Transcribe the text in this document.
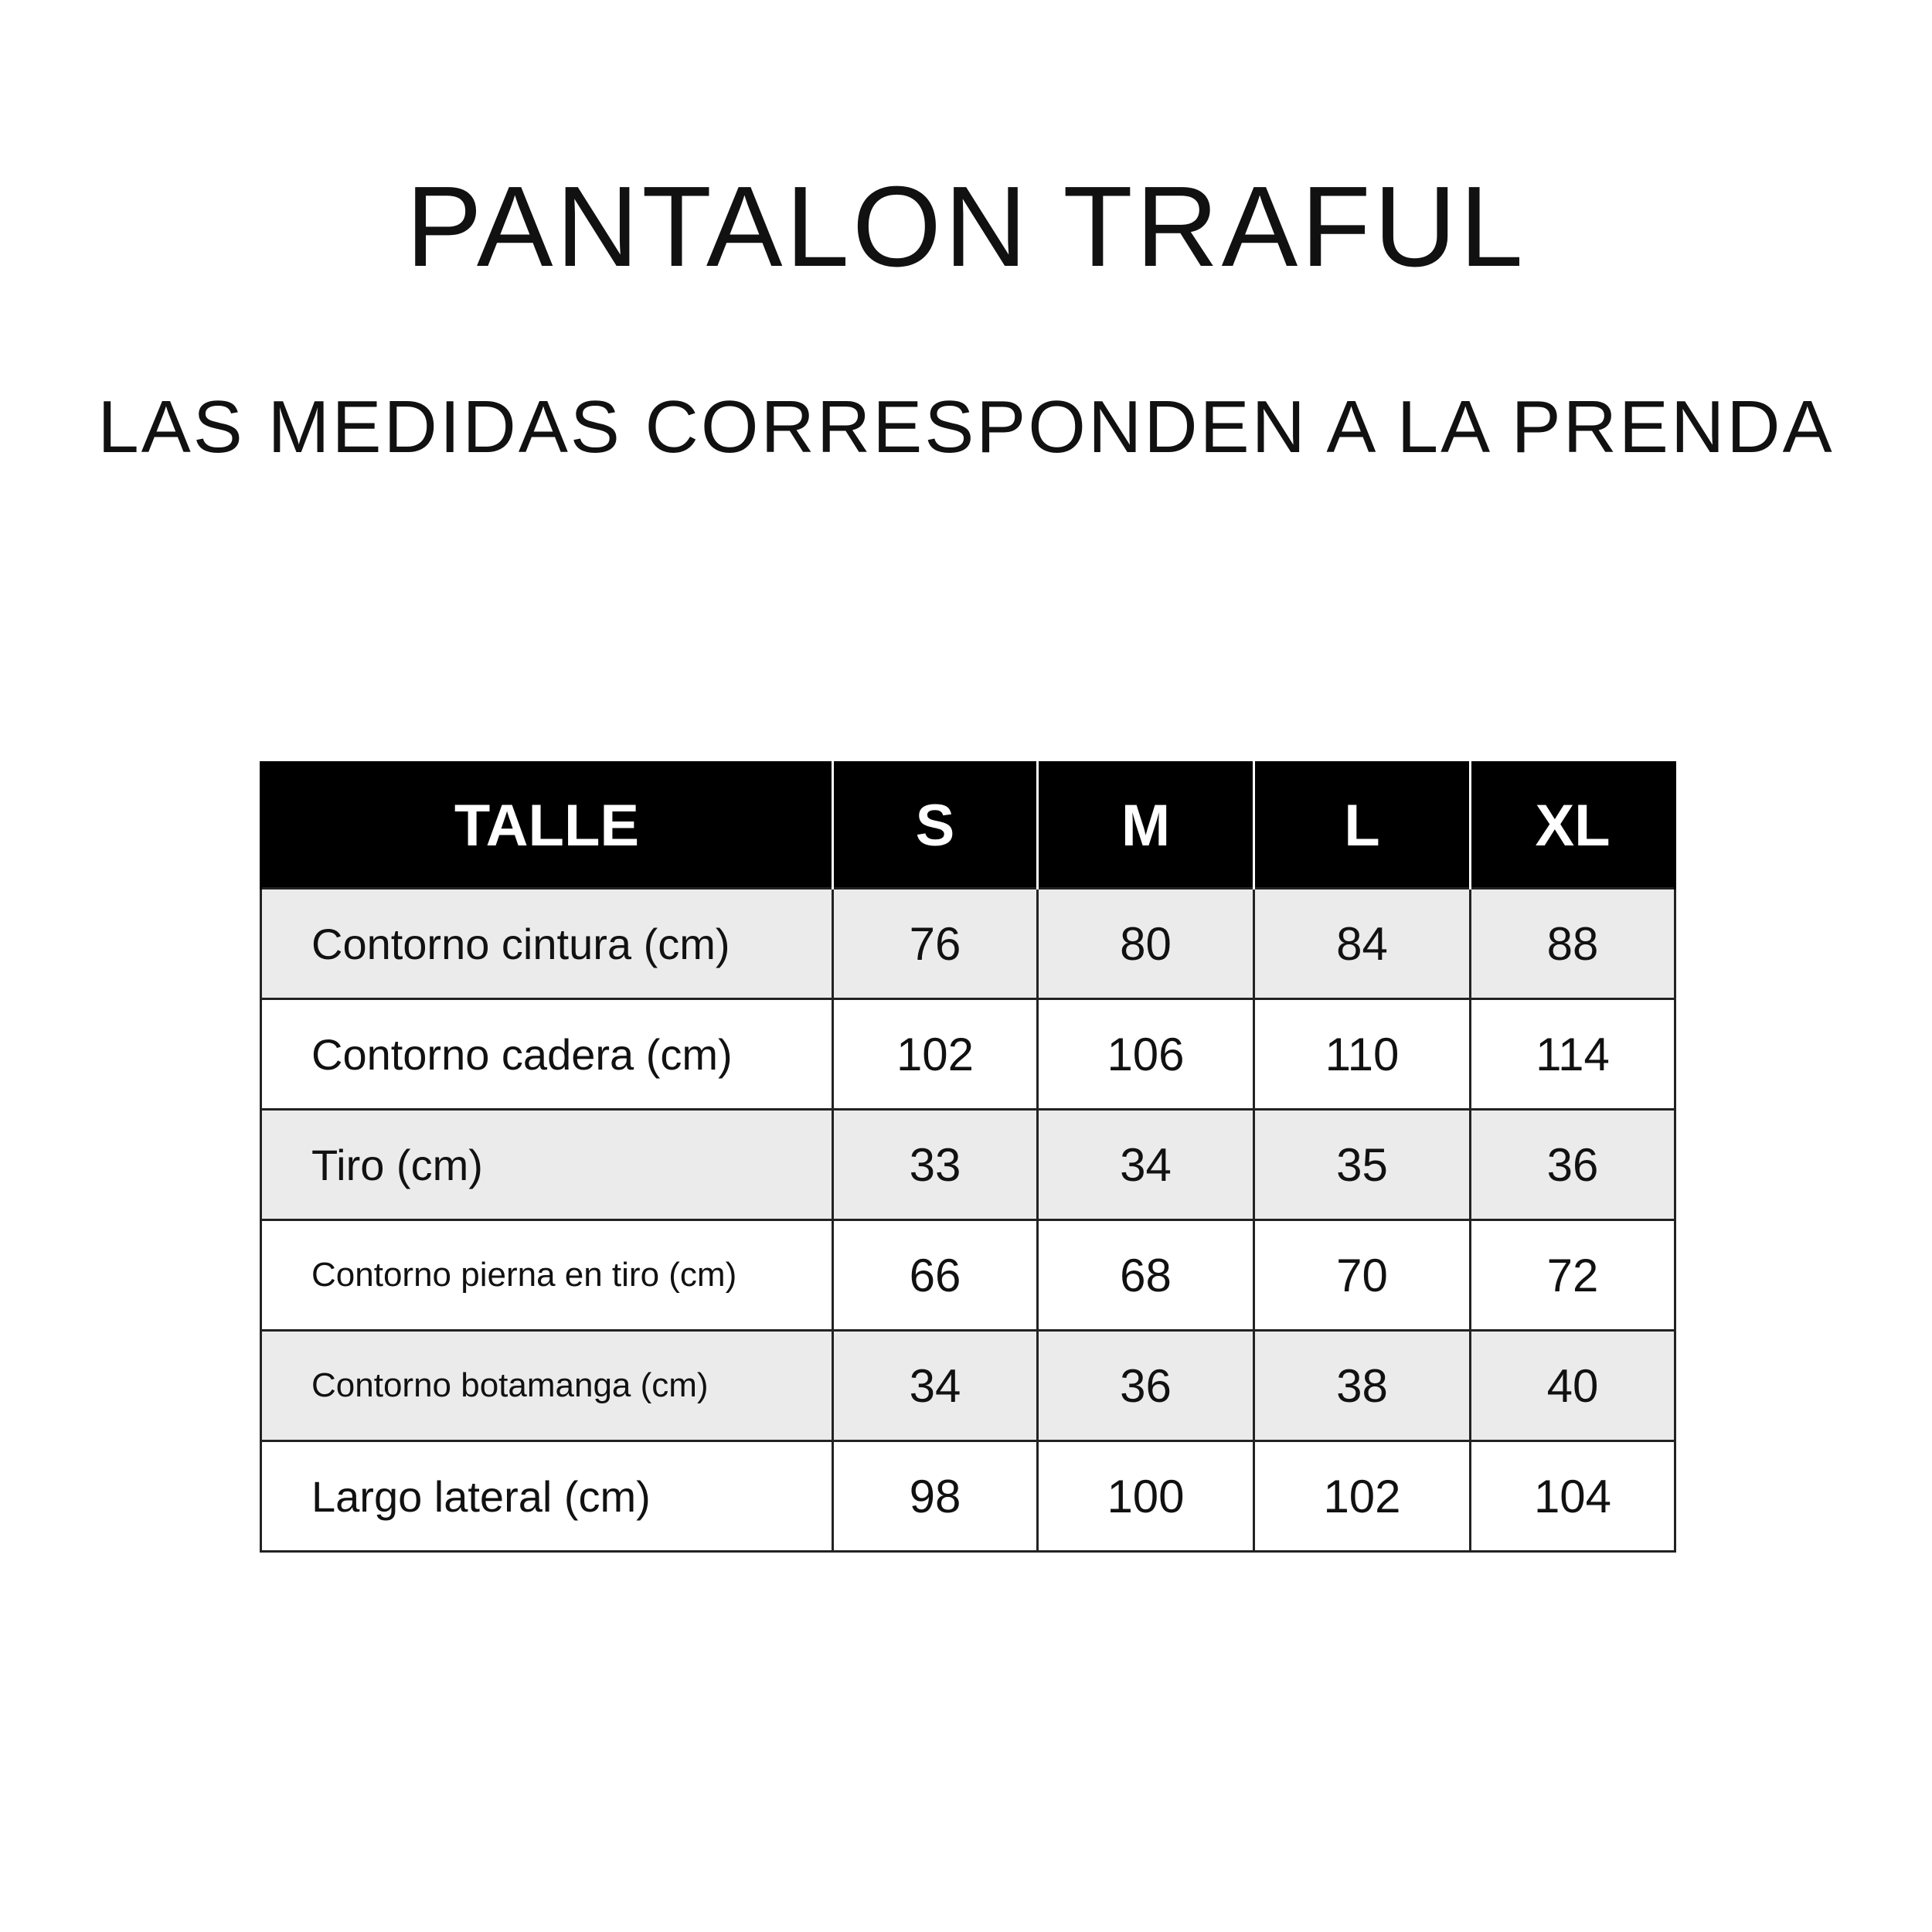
PANTALON TRAFUL
LAS MEDIDAS CORRESPONDEN A LA PRENDA
TALLE	S	M	L	XL
Contorno cintura (cm)	76	80	84	88
Contorno cadera (cm)	102	106	110	114
Tiro (cm)	33	34	35	36
Contorno pierna en tiro (cm)	66	68	70	72
Contorno botamanga (cm)	34	36	38	40
Largo lateral (cm)	98	100	102	104
